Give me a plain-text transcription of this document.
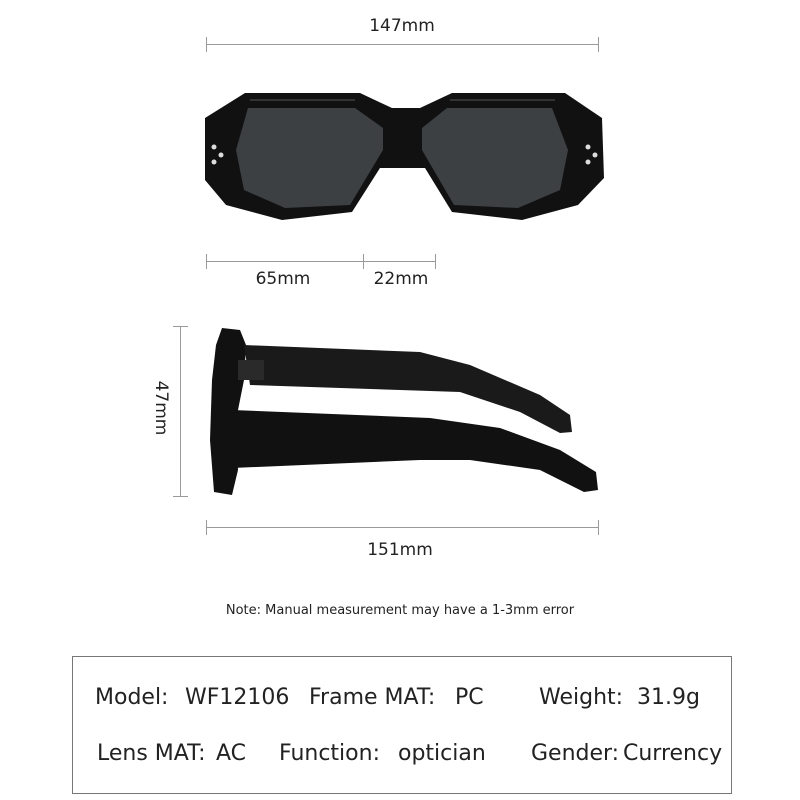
147mm
65mm	22mm
47mm
151mm
Note: Manual measurement may have a 1-3mm error
Model: WF12106 Frame MAT: PC	Weight: 31.9g
Lens MAT: AC Function: optician Gender: Currency
